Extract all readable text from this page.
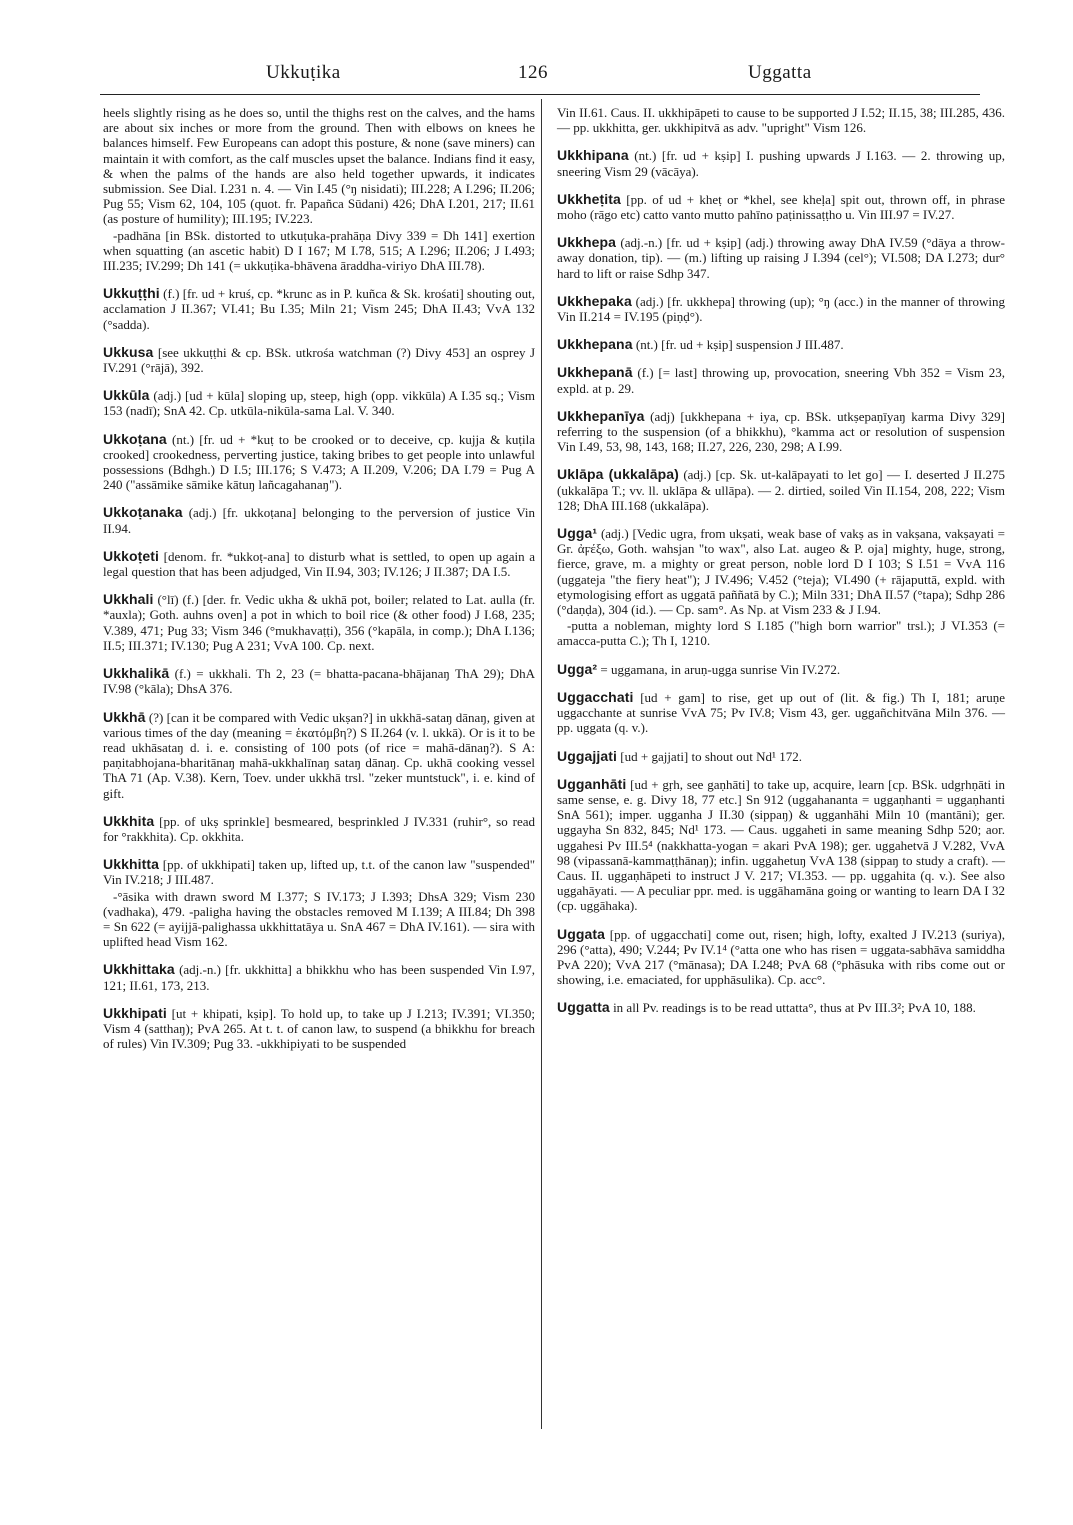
Ukkuṭika	126	Uggatta
heels slightly rising as he does so, until the thighs rest on the calves, and the hams are about six inches or more from the ground. Then with elbows on knees he balances himself. Few Europeans can adopt this posture, & none (save miners) can maintain it with comfort, as the calf muscles upset the balance. Indians find it easy, & when the palms of the hands are also held together upwards, it indicates submission. See Dial. I.231 n. 4. — Vin I.45 (°ŋ nisidati); III.228; A I.296; II.206; Pug 55; Vism 62, 104, 105 (quot. fr. Papañca Sūdani) 426; DhA I.201, 217; II.61 (as posture of humility); III.195; IV.223.
-padhāna [in BSk. distorted to utkuṭuka-prahāṇa Divy 339 = Dh 141] exertion when squatting (an ascetic habit) D I 167; M I.78, 515; A I.296; II.206; J I.493; III.235; IV.299; Dh 141 (= ukkuṭika-bhāvena āraddha-viriyo DhA III.78).
Ukkuṭṭhi (f.) [fr. ud + kruś, cp. *krunc as in P. kuñca & Sk. krośati] shouting out, acclamation J II.367; VI.41; Bu I.35; Miln 21; Vism 245; DhA II.43; VvA 132 (°sadda).
Ukkusa [see ukkuṭṭhi & cp. BSk. utkrośa watchman (?) Divy 453] an osprey J IV.291 (°rājā), 392.
Ukkūla (adj.) [ud + kūla] sloping up, steep, high (opp. vikkūla) A I.35 sq.; Vism 153 (nadī); SnA 42. Cp. utkūla-nikūla-sama Lal. V. 340.
Ukkoṭana (nt.) [fr. ud + *kuṭ to be crooked or to deceive, cp. kujja & kuṭila crooked] crookedness, perverting justice, taking bribes to get people into unlawful possessions (Bdhgh.) D I.5; III.176; S V.473; A II.209, V.206; DA I.79 = Pug A 240 ("assāmike sāmike kātuŋ lañcagahanaŋ").
Ukkoṭanaka (adj.) [fr. ukkoṭana] belonging to the perversion of justice Vin II.94.
Ukkoṭeti [denom. fr. *ukkoṭ-ana] to disturb what is settled, to open up again a legal question that has been adjudged, Vin II.94, 303; IV.126; J II.387; DA I.5.
Ukkhali (°lī) (f.) [der. fr. Vedic ukha & ukhā pot, boiler; related to Lat. aulla (fr. *auxla); Goth. auhns oven] a pot in which to boil rice (& other food) J I.68, 235; V.389, 471; Pug 33; Vism 346 (°mukhavaṭṭi), 356 (°kapāla, in comp.); DhA I.136; II.5; III.371; IV.130; Pug A 231; VvA 100. Cp. next.
Ukkhalikā (f.) = ukkhali. Th 2, 23 (= bhatta-pacana-bhājanaŋ ThA 29); DhA IV.98 (°kāla); DhsA 376.
Ukkhā (?) [can it be compared with Vedic ukṣan?] in ukkhā-sataŋ dānaŋ, given at various times of the day (meaning = ἑκατόμβη?) S II.264 (v. l. ukkā). Or is it to be read ukhāsataŋ d. i. e. consisting of 100 pots (of rice = mahā-dānaŋ?). S A: paṇitabhojana-bharitānaŋ mahā-ukkhalīnaŋ sataŋ dānaŋ. Cp. ukhā cooking vessel ThA 71 (Ap. V.38). Kern, Toev. under ukkhā trsl. "zeker muntstuck", i. e. kind of gift.
Ukkhita [pp. of ukṣ sprinkle] besmeared, besprinkled J IV.331 (ruhir°, so read for °rakkhita). Cp. okkhita.
Ukkhitta [pp. of ukkhipati] taken up, lifted up, t.t. of the canon law "suspended" Vin IV.218; J III.487.
-°āsika with drawn sword M I.377; S IV.173; J I.393; DhsA 329; Vism 230 (vadhaka), 479. -paligha having the obstacles removed M I.139; A III.84; Dh 398 = Sn 622 (= ayijjā-palighassa ukkhittatāya u. SnA 467 = DhA IV.161). — sira with uplifted head Vism 162.
Ukkhittaka (adj.-n.) [fr. ukkhitta] a bhikkhu who has been suspended Vin I.97, 121; II.61, 173, 213.
Ukkhipati [ut + khipati, kṣip]. To hold up, to take up J I.213; IV.391; VI.350; Vism 4 (satthaŋ); PvA 265. At t. t. of canon law, to suspend (a bhikkhu for breach of rules) Vin IV.309; Pug 33. -ukkhipiyati to be suspended
Vin II.61. Caus. II. ukkhipāpeti to cause to be supported J I.52; II.15, 38; III.285, 436. — pp. ukkhitta, ger. ukkhipitvā as adv. "upright" Vism 126.
Ukkhipana (nt.) [fr. ud + kṣip] I. pushing upwards J I.163. — 2. throwing up, sneering Vism 29 (vācāya).
Ukkheṭita [pp. of ud + kheṭ or *khel, see kheḷa] spit out, thrown off, in phrase moho (rāgo etc) catto vanto mutto pahīno paṭinissaṭṭho u. Vin III.97 = IV.27.
Ukkhepa (adj.-n.) [fr. ud + kṣip] (adj.) throwing away DhA IV.59 (°dāya a throw-away donation, tip). — (m.) lifting up raising J I.394 (cel°); VI.508; DA I.273; dur° hard to lift or raise Sdhp 347.
Ukkhepaka (adj.) [fr. ukkhepa] throwing (up); °ŋ (acc.) in the manner of throwing Vin II.214 = IV.195 (piṇḍ°).
Ukkhepana (nt.) [fr. ud + kṣip] suspension J III.487.
Ukkhepanā (f.) [= last] throwing up, provocation, sneering Vbh 352 = Vism 23, expld. at p. 29.
Ukkhepanīya (adj) [ukkhepana + iya, cp. BSk. utkṣepaṇīyaŋ karma Divy 329] referring to the suspension (of a bhikkhu), °kamma act or resolution of suspension Vin I.49, 53, 98, 143, 168; II.27, 226, 230, 298; A I.99.
Uklāpa (ukkalāpa) (adj.) [cp. Sk. ut-kalāpayati to let go] — I. deserted J II.275 (ukkalāpa T.; vv. ll. uklāpa & ullāpa). — 2. dirtied, soiled Vin II.154, 208, 222; Vism 128; DhA III.168 (ukkalāpa).
Ugga¹ (adj.) [Vedic ugra, from ukṣati, weak base of vakṣ as in vakṣana, vakṣayati = Gr. ἀϝέξω, Goth. wahsjan "to wax", also Lat. augeo & P. oja] mighty, huge, strong, fierce, grave, m. a mighty or great person, noble lord D I 103; S I.51 = VvA 116 (uggateja "the fiery heat"); J IV.496; V.452 (°teja); VI.490 (+ rājaputtā, expld. with etymologising effort as uggatā paññatā by C.); Miln 331; DhA II.57 (°tapa); Sdhp 286 (°daṇḍa), 304 (id.). — Cp. sam°. As Np. at Vism 233 & J I.94.
-putta a nobleman, mighty lord S I.185 ("high born warrior" trsl.); J VI.353 (= amacca-putta C.); Th I, 1210.
Ugga² = uggamana, in aruṇ-ugga sunrise Vin IV.272.
Uggacchati [ud + gam] to rise, get up out of (lit. & fig.) Th I, 181; aruṇe uggacchante at sunrise VvA 75; Pv IV.8; Vism 43, ger. uggañchitvāna Miln 376. — pp. uggata (q. v.).
Uggajjati [ud + gajjati] to shout out Nd¹ 172.
Ugganhāti [ud + gṛh, see gaṇhāti] to take up, acquire, learn [cp. BSk. udgṛhṇāti in same sense, e. g. Divy 18, 77 etc.] Sn 912 (uggahananta = uggaṇhanti = uggaṇhanti SnA 561); imper. ugganha J II.30 (sippaŋ) & ugganhāhi Miln 10 (mantāni); ger. uggayha Sn 832, 845; Nd¹ 173. — Caus. uggaheti in same meaning Sdhp 520; aor. uggahesi Pv III.5⁴ (nakkhatta-yogan = akari PvA 198); ger. uggahetvā J V.282, VvA 98 (vipassanā-kammaṭṭhānaŋ); infin. uggahetuŋ VvA 138 (sippaŋ to study a craft). — Caus. II. uggaṇhāpeti to instruct J V. 217; VI.353. — pp. uggahita (q. v.). See also uggahāyati. — A peculiar ppr. med. is uggāhamāna going or wanting to learn DA I 32 (cp. uggāhaka).
Uggata [pp. of uggacchati] come out, risen; high, lofty, exalted J IV.213 (suriya), 296 (°atta), 490; V.244; Pv IV.1⁴ (°atta one who has risen = uggata-sabhāva samiddha PvA 220); VvA 217 (°mānasa); DA I.248; PvA 68 (°phāsuka with ribs come out or showing, i.e. emaciated, for upphāsulika). Cp. acc°.
Uggatta in all Pv. readings is to be read uttatta°, thus at Pv III.3²; PvA 10, 188.
